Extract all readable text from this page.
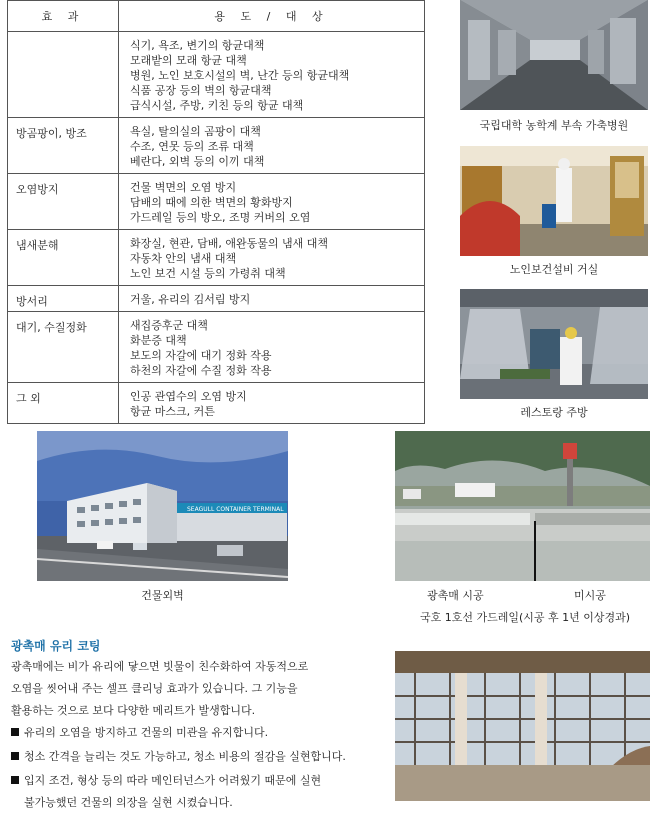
효 과	용 도 / 대 상

	식기, 욕조, 변기의 항균대책
모래밭의 모래 항균 대책
병원, 노인 보호시설의 벽, 난간 등의 항균대책
식품 공장 등의 벽의 항균대책
급식시설, 주방, 키친 등의 항균 대책

방곰팡이, 방조	욕실, 탈의실의 곰팡이 대책
수조, 연못 등의 조류 대책
베란다, 외벽 등의 이끼 대책

오염방지	건물 벽면의 오염 방지
담배의 때에 의한 벽면의 황화방지
가드레일 등의 방오, 조명 커버의 오염

냄새분해	화장실, 현관, 담배, 애완동물의 냄새 대책
자동차 안의 냄새 대책
노인 보건 시설 등의 가령취 대책

방서리	거울, 유리의 김서림 방지

대기, 수질정화	새집증후군 대책
화분증 대책
보도의 자갈에 대기 정화 작용
하천의 자갈에 수질 정화 작용

그 외	인공 관엽수의 오염 방지
항균 마스크, 커튼
국립대학 농학계 부속 가축병원
노인보건설비 거실
레스토랑 주방
SEAGULL CONTAINER TERMINAL
건물외벽	광촉매 시공	미시공
국호 1호선 가드레일(시공 후 1년 이상경과)
광촉매 유리 코팅
광촉매에는 비가 유리에 닿으면 빗물이 친수화하여 자동적으로
오염을 씻어내 주는 셀프 클리닝 효과가 있습니다. 그 기능을
활용하는 것으로 보다 다양한 메리트가 발생합니다.
유리의 오염을 방지하고 건물의 미관을 유지합니다.
청소 간격을 늘리는 것도 가능하고, 청소 비용의 절감을 실현합니다.
입지 조건, 형상 등의 따라 메인터넌스가 어려웠기 때문에 실현
불가능했던 건물의 의장을 실현 시켰습니다.
